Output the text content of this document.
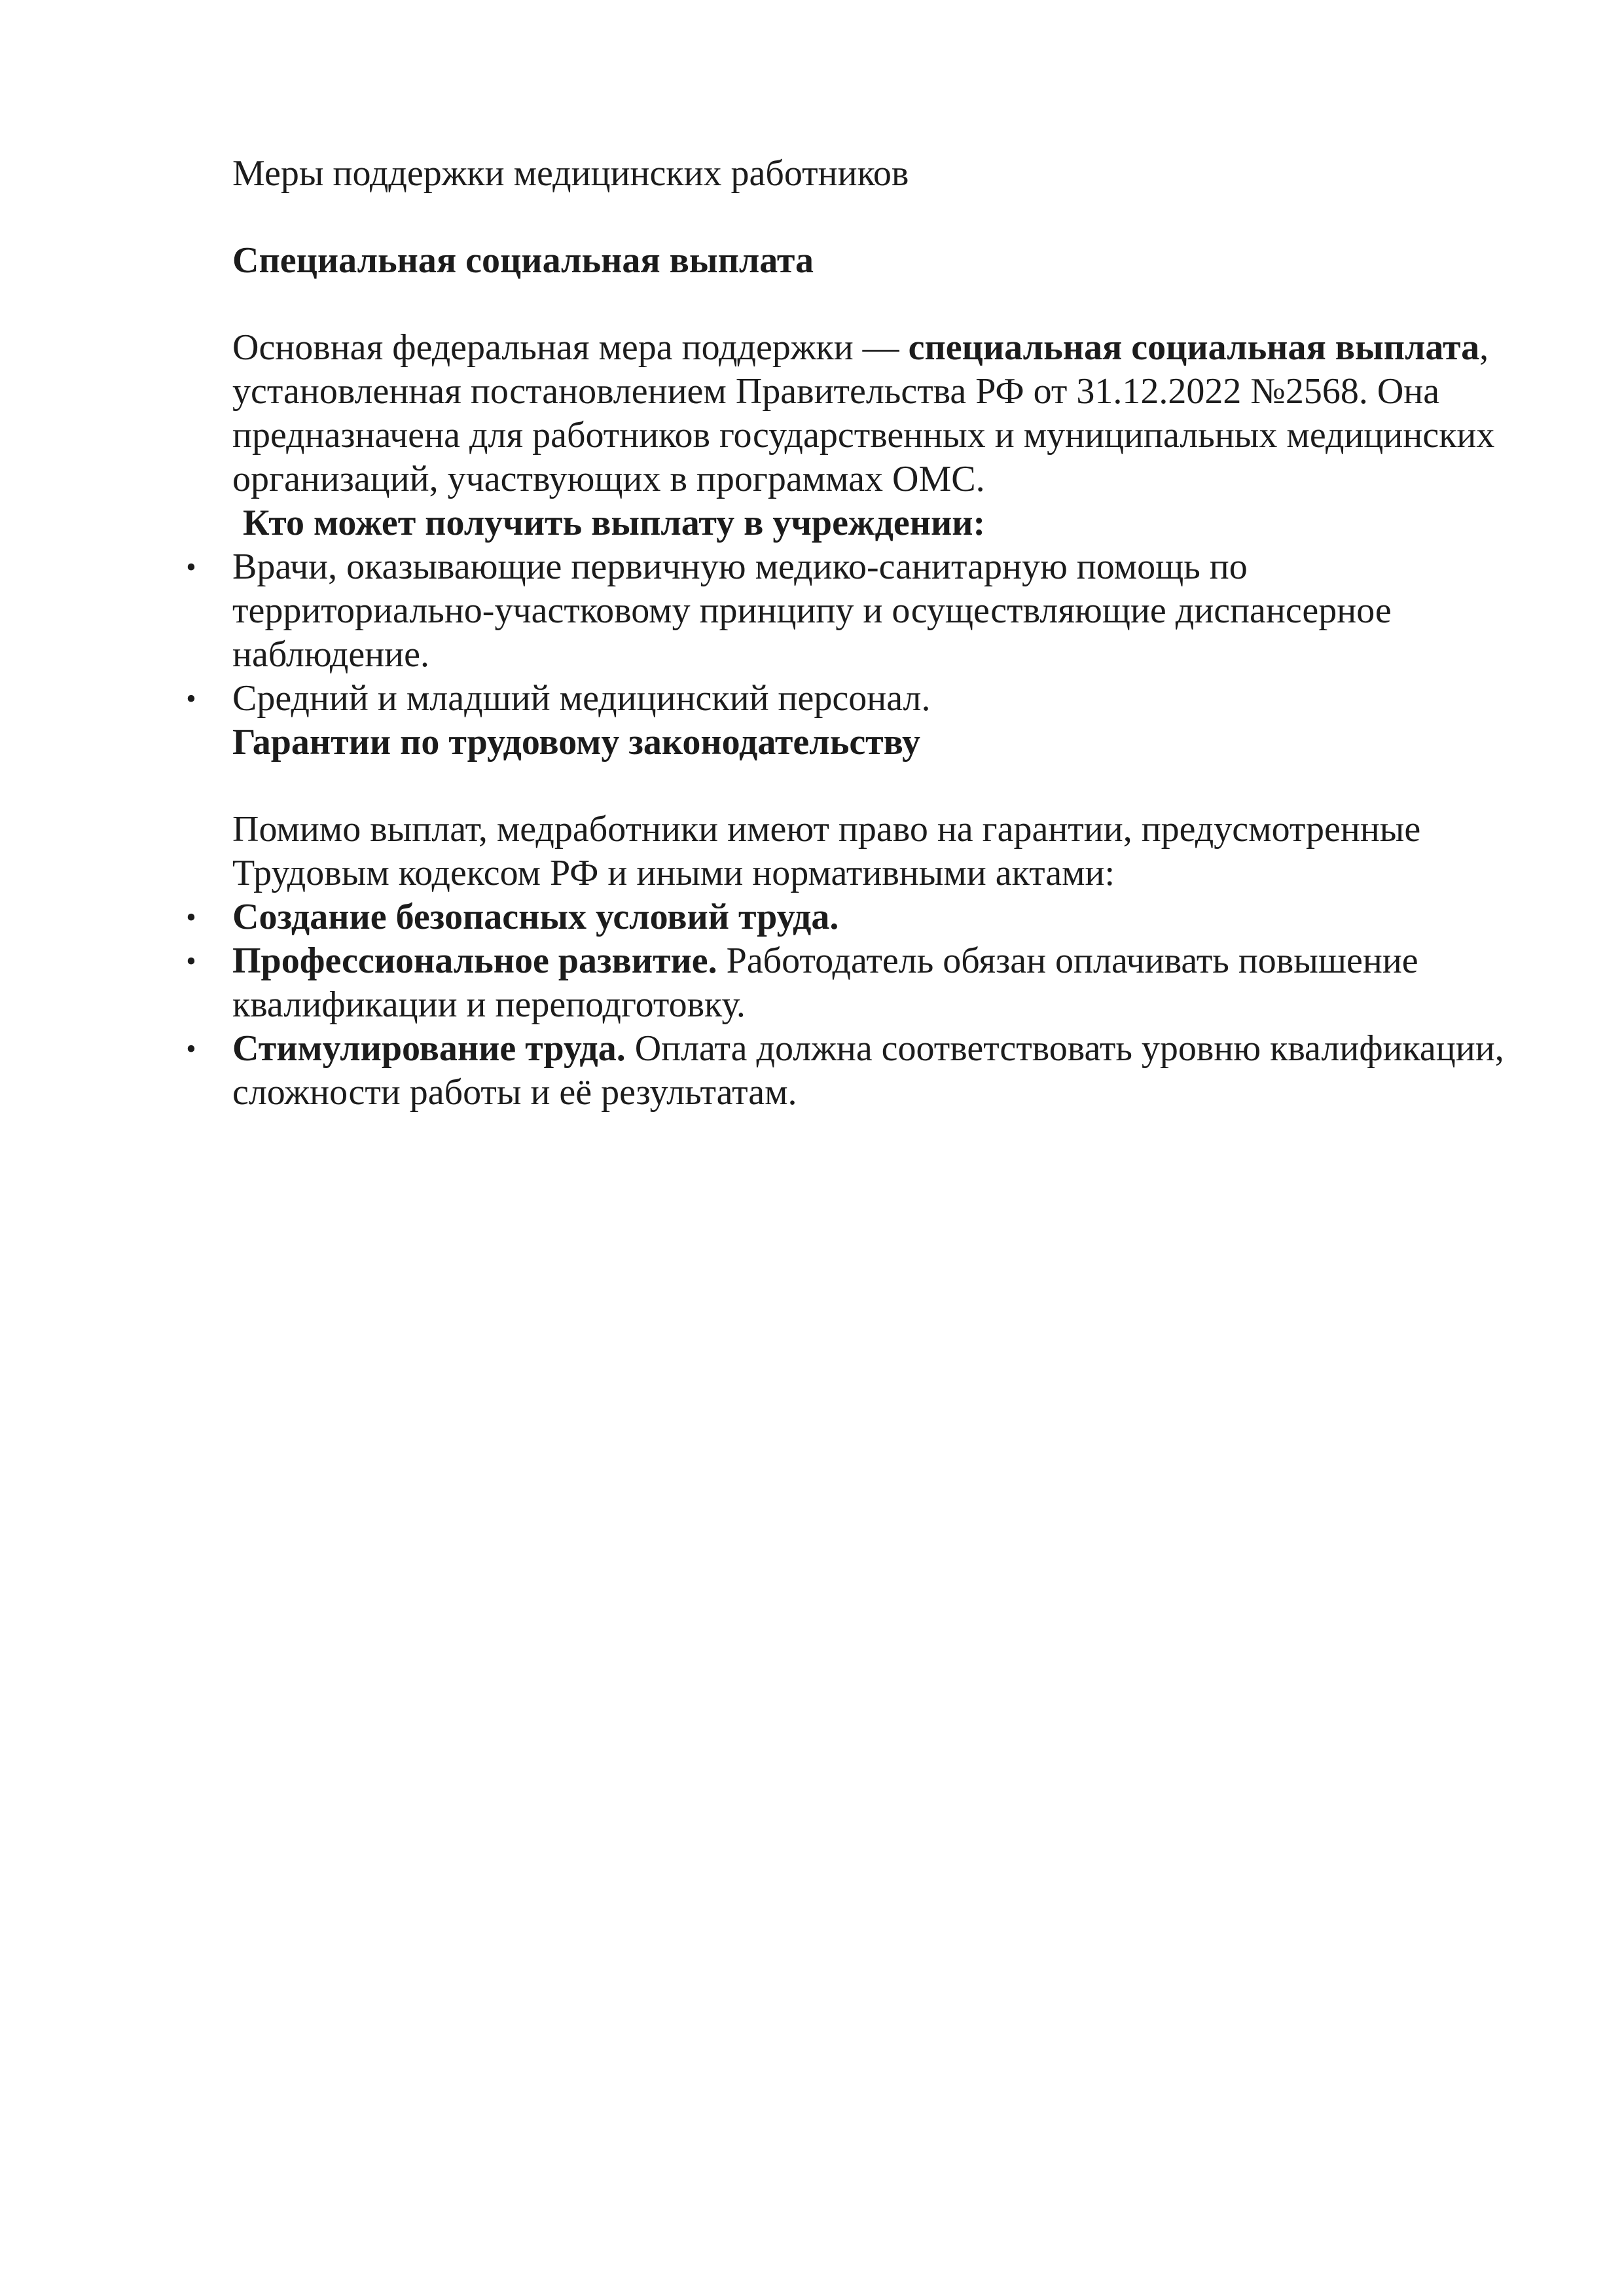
Меры поддержки медицинских работников

Специальная социальная выплата

Основная федеральная мера поддержки — специальная социальная выплата, установленная постановлением Правительства РФ от 31.12.2022 №2568. Она предназначена для работников государственных и муниципальных медицинских организаций, участвующих в программах ОМС.

Кто может получить выплату в учреждении:

• Врачи, оказывающие первичную медико-санитарную помощь по территориально-участковому принципу и осуществляющие диспансерное наблюдение.
• Средний и младший медицинский персонал.

Гарантии по трудовому законодательству

Помимо выплат, медработники имеют право на гарантии, предусмотренные Трудовым кодексом РФ и иными нормативными актами:

• Создание безопасных условий труда.
• Профессиональное развитие. Работодатель обязан оплачивать повышение квалификации и переподготовку.
• Стимулирование труда. Оплата должна соответствовать уровню квалификации, сложности работы и её результатам.
